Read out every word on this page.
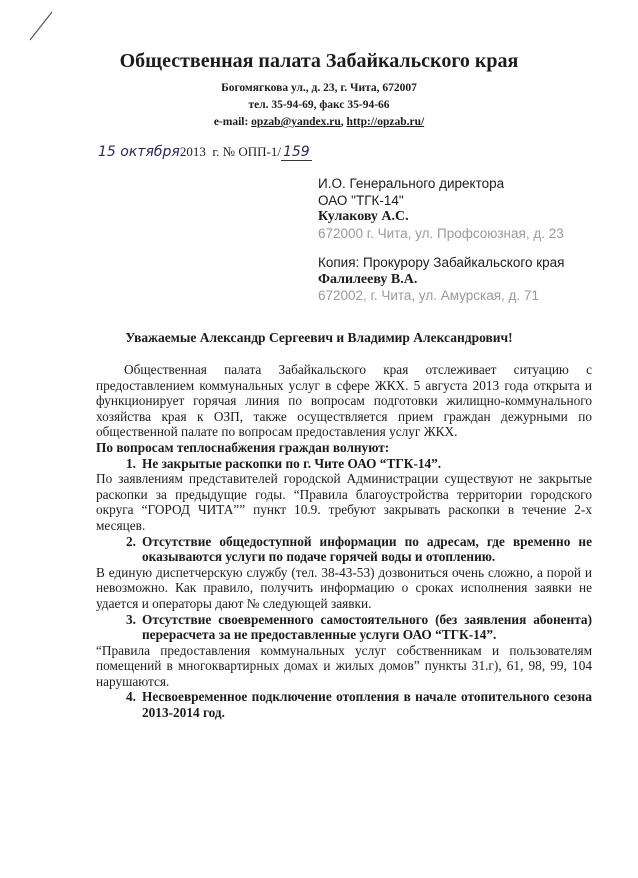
Общественная палата Забайкальского края
Богомягкова ул., д. 23, г. Чита, 672007
тел. 35-94-69, факс 35-94-66
e-mail: opzab@yandex.ru, http://opzab.ru/
15 октября2013 г. № ОПП-1/ 159
И.О. Генерального директора
ОАО "ТГК-14"
Кулакову А.С.
672000 г. Чита, ул. Профсоюзная, д. 23
Копия: Прокурору Забайкальского края
Фалилееву В.А.
672002, г. Чита, ул. Амурская, д. 71
Уважаемые Александр Сергеевич и Владимир Александрович!

Общественная палата Забайкальского края отслеживает ситуацию с предоставлением коммунальных услуг в сфере ЖКХ. 5 августа 2013 года открыта и функционирует горячая линия по вопросам подготовки жилищно-коммунального хозяйства края к ОЗП, также осуществляется прием граждан дежурными по общественной палате по вопросам предоставления услуг ЖКХ.

По вопросам теплоснабжения граждан волнуют:

1. Не закрытые раскопки по г. Чите ОАО “ТГК-14”.

По заявлениям представителей городской Администрации существуют не закрытые раскопки за предыдущие годы. “Правила благоустройства территории городского округа “ГОРОД ЧИТА”” пункт 10.9. требуют закрывать раскопки в течение 2-х месяцев.

2. Отсутствие общедоступной информации по адресам, где временно не оказываются услуги по подаче горячей воды и отоплению.

В единую диспетчерскую службу (тел. 38-43-53) дозвониться очень сложно, а порой и невозможно. Как правило, получить информацию о сроках исполнения заявки не удается и операторы дают № следующей заявки.

3. Отсутствие своевременного самостоятельного (без заявления абонента) перерасчета за не предоставленные услуги ОАО “ТГК-14”.

“Правила предоставления коммунальных услуг собственникам и пользователям помещений в многоквартирных домах и жилых домов” пункты 31.г), 61, 98, 99, 104 нарушаются.

4. Несвоевременное подключение отопления в начале отопительного сезона 2013-2014 год.
